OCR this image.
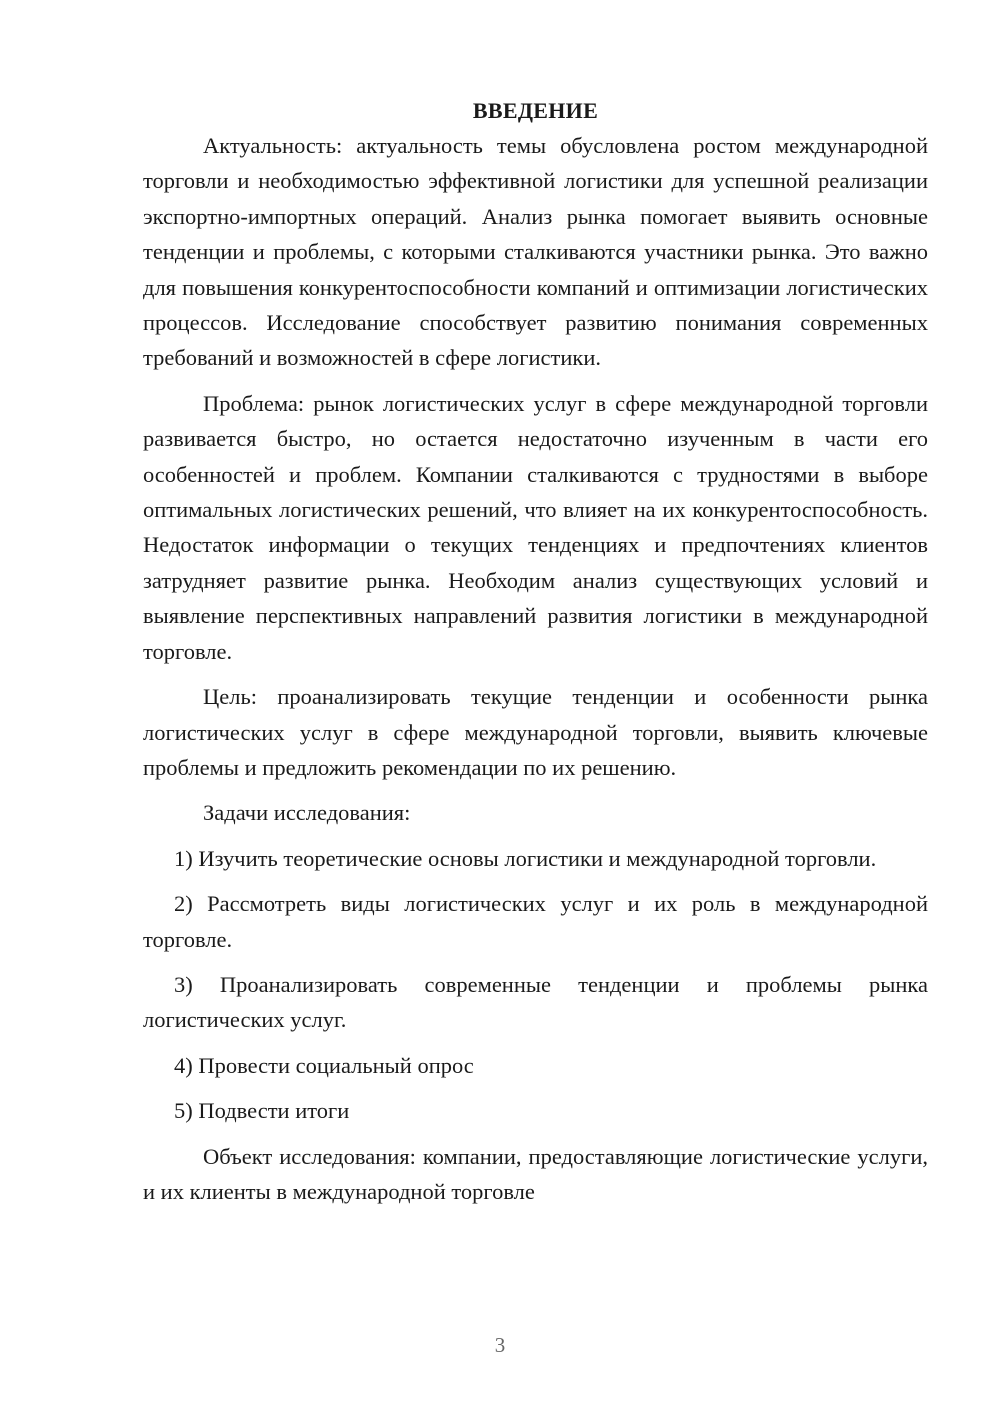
ВВЕДЕНИЕ

Актуальность: актуальность темы обусловлена ростом международной торговли и необходимостью эффективной логистики для успешной реализации экспортно-импортных операций. Анализ рынка помогает выявить основные тенденции и проблемы, с которыми сталкиваются участники рынка. Это важно для повышения конкурентоспособности компаний и оптимизации логистических процессов. Исследование способствует развитию понимания современных требований и возможностей в сфере логистики.

Проблема: рынок логистических услуг в сфере международной торговли развивается быстро, но остается недостаточно изученным в части его особенностей и проблем. Компании сталкиваются с трудностями в выборе оптимальных логистических решений, что влияет на их конкурентоспособность. Недостаток информации о текущих тенденциях и предпочтениях клиентов затрудняет развитие рынка. Необходим анализ существующих условий и выявление перспективных направлений развития логистики в международной торговле.

Цель: проанализировать текущие тенденции и особенности рынка логистических услуг в сфере международной торговли, выявить ключевые проблемы и предложить рекомендации по их решению.

Задачи исследования:

1) Изучить теоретические основы логистики и международной торговли.

2) Рассмотреть виды логистических услуг и их роль в международной торговле.

3) Проанализировать современные тенденции и проблемы рынка логистических услуг.

4) Провести социальный опрос

5) Подвести итоги

Объект исследования: компании, предоставляющие логистические услуги, и их клиенты в международной торговле

3
